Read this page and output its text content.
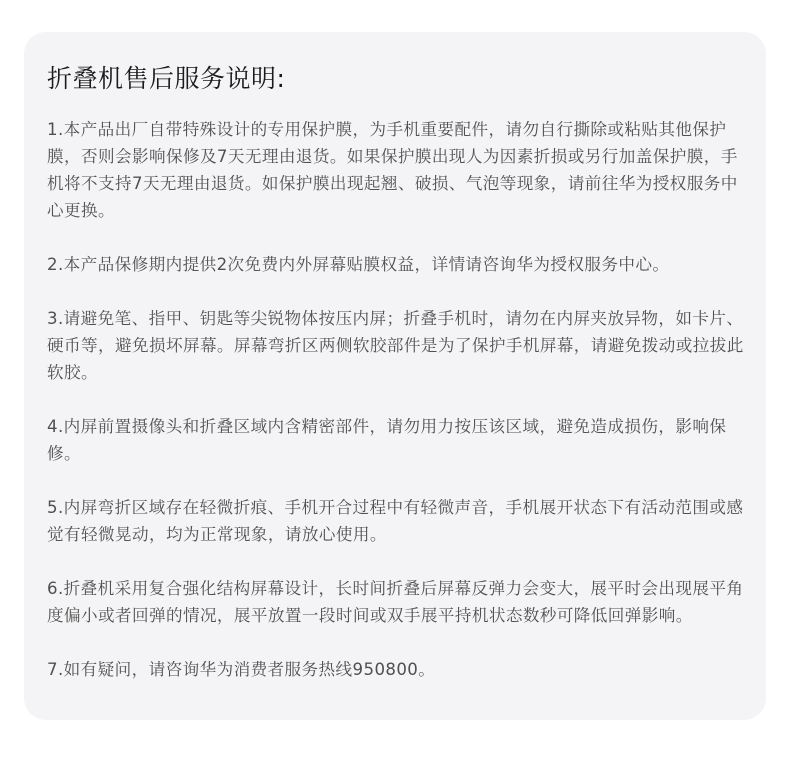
折叠机售后服务说明:

1.本产品出厂自带特殊设计的专用保护膜，为手机重要配件，请勿自行撕除或粘贴其他保护膜，否则会影响保修及7天无理由退货。如果保护膜出现人为因素折损或另行加盖保护膜，手机将不支持7天无理由退货。如保护膜出现起翘、破损、气泡等现象，请前往华为授权服务中心更换。

2.本产品保修期内提供2次免费内外屏幕贴膜权益，详情请咨询华为授权服务中心。

3.请避免笔、指甲、钥匙等尖锐物体按压内屏；折叠手机时，请勿在内屏夹放异物，如卡片、硬币等，避免损坏屏幕。屏幕弯折区两侧软胶部件是为了保护手机屏幕，请避免拨动或拉拔此软胶。

4.内屏前置摄像头和折叠区域内含精密部件，请勿用力按压该区域，避免造成损伤，影响保修。

5.内屏弯折区域存在轻微折痕、手机开合过程中有轻微声音，手机展开状态下有活动范围或感觉有轻微晃动，均为正常现象，请放心使用。

6.折叠机采用复合强化结构屏幕设计，长时间折叠后屏幕反弹力会变大，展平时会出现展平角度偏小或者回弹的情况，展平放置一段时间或双手展平持机状态数秒可降低回弹影响。

7.如有疑问，请咨询华为消费者服务热线950800。
